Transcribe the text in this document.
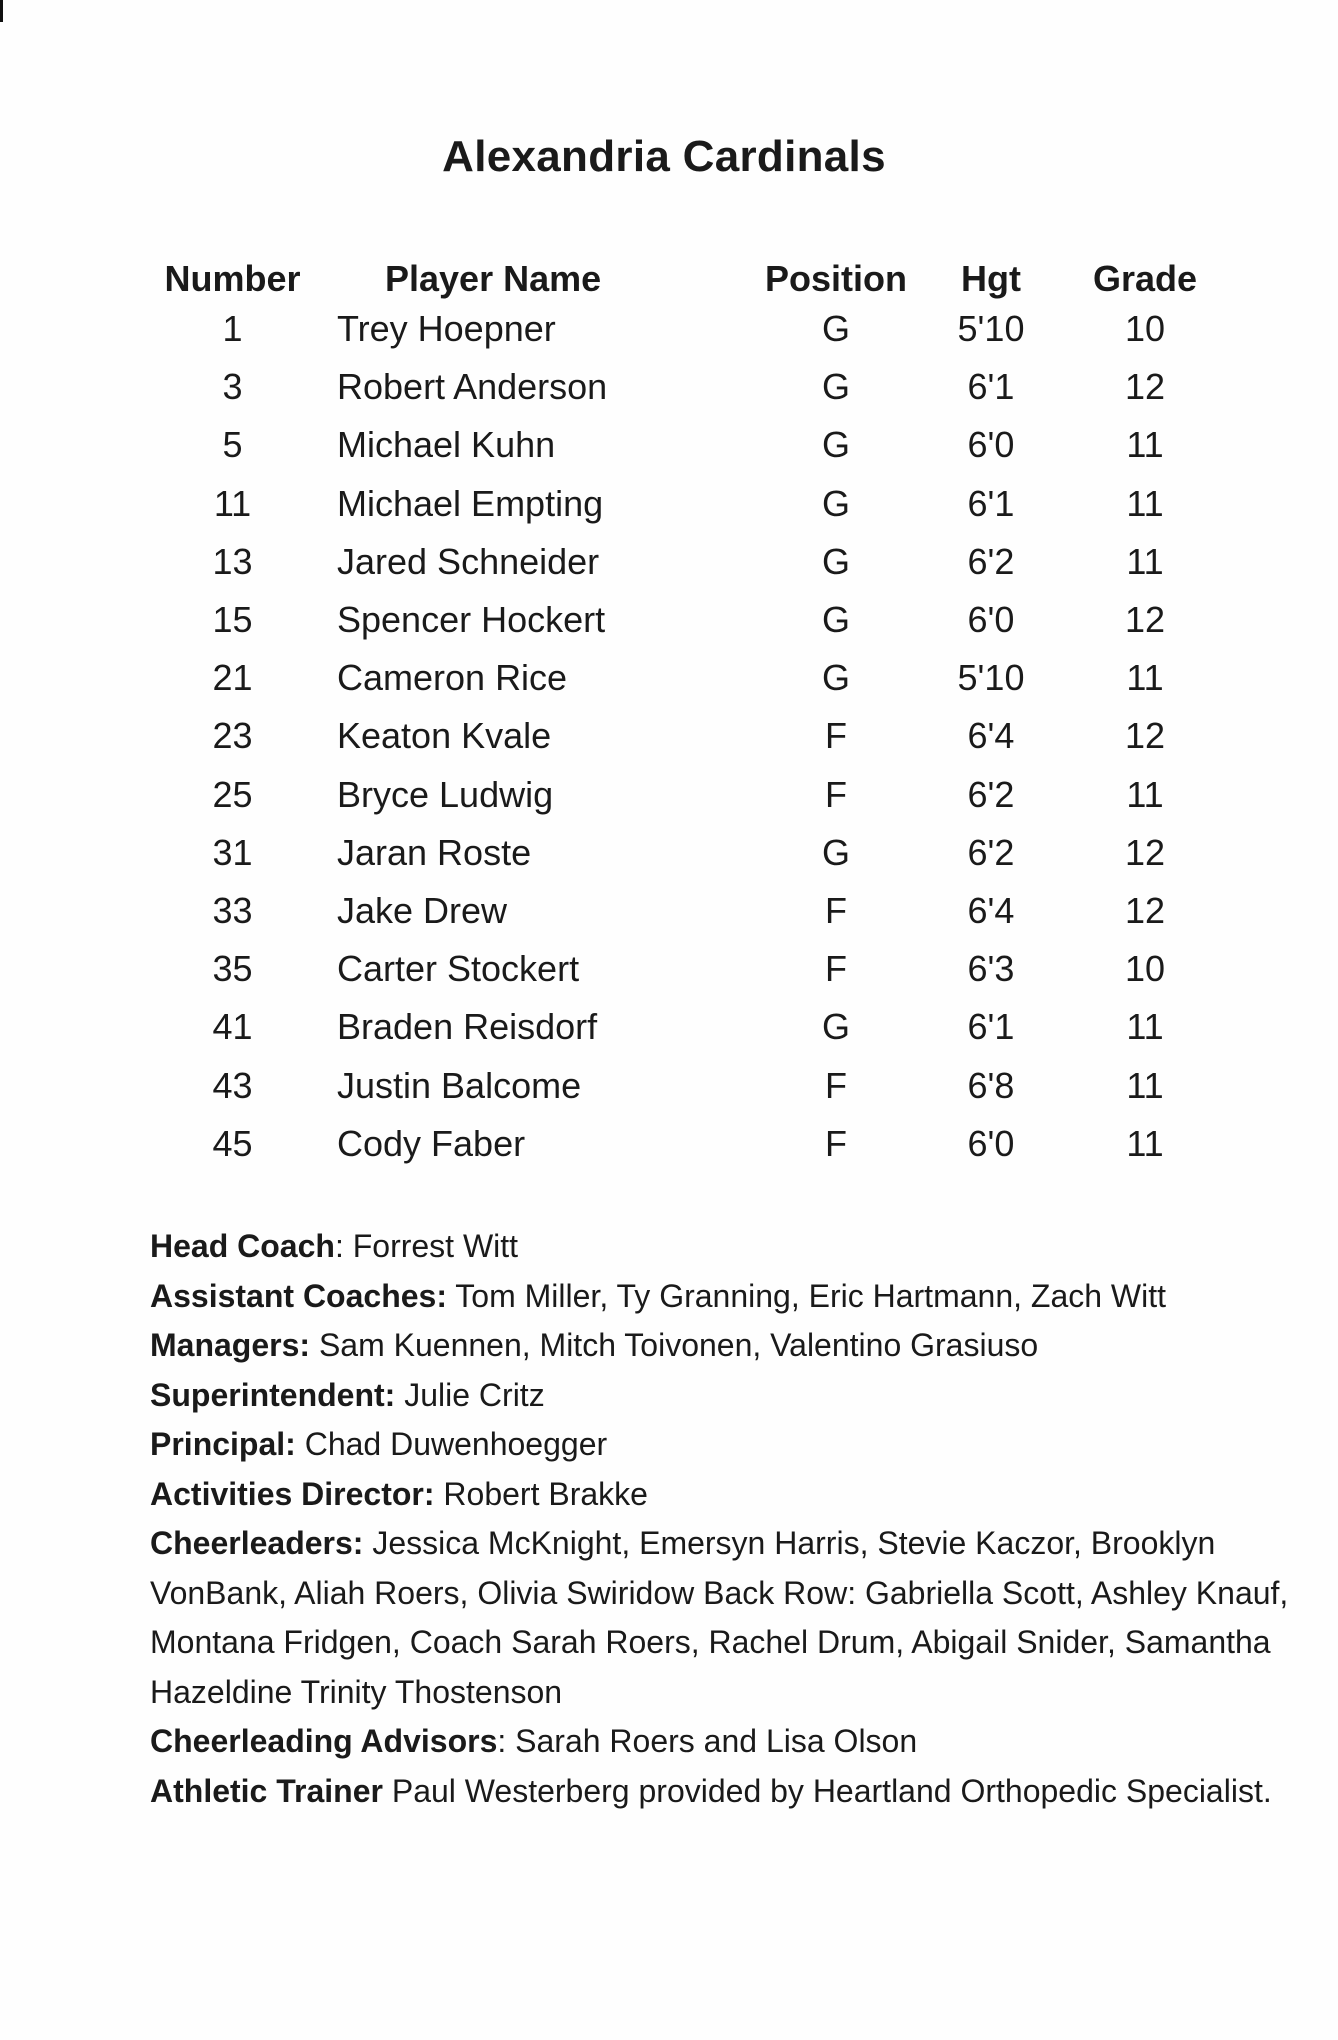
Alexandria Cardinals
Number	Player Name	Position	Hgt	Grade
1	Trey Hoepner	G	5'10	10
3	Robert Anderson	G	6'1	12
5	Michael Kuhn	G	6'0	11
11	Michael Empting	G	6'1	11
13	Jared Schneider	G	6'2	11
15	Spencer Hockert	G	6'0	12
21	Cameron Rice	G	5'10	11
23	Keaton Kvale	F	6'4	12
25	Bryce Ludwig	F	6'2	11
31	Jaran Roste	G	6'2	12
33	Jake Drew	F	6'4	12
35	Carter Stockert	F	6'3	10
41	Braden Reisdorf	G	6'1	11
43	Justin Balcome	F	6'8	11
45	Cody Faber	F	6'0	11

Head Coach: Forrest Witt

Assistant Coaches: Tom Miller, Ty Granning, Eric Hartmann, Zach Witt

Managers: Sam Kuennen, Mitch Toivonen, Valentino Grasiuso

Superintendent: Julie Critz

Principal: Chad Duwenhoegger

Activities Director: Robert Brakke

Cheerleaders: Jessica McKnight, Emersyn Harris, Stevie Kaczor, Brooklyn VonBank, Aliah Roers, Olivia Swiridow Back Row: Gabriella Scott, Ashley Knauf, Montana Fridgen, Coach Sarah Roers, Rachel Drum, Abigail Snider, Samantha Hazeldine Trinity Thostenson

Cheerleading Advisors: Sarah Roers and Lisa Olson

Athletic Trainer Paul Westerberg provided by Heartland Orthopedic Specialist.
